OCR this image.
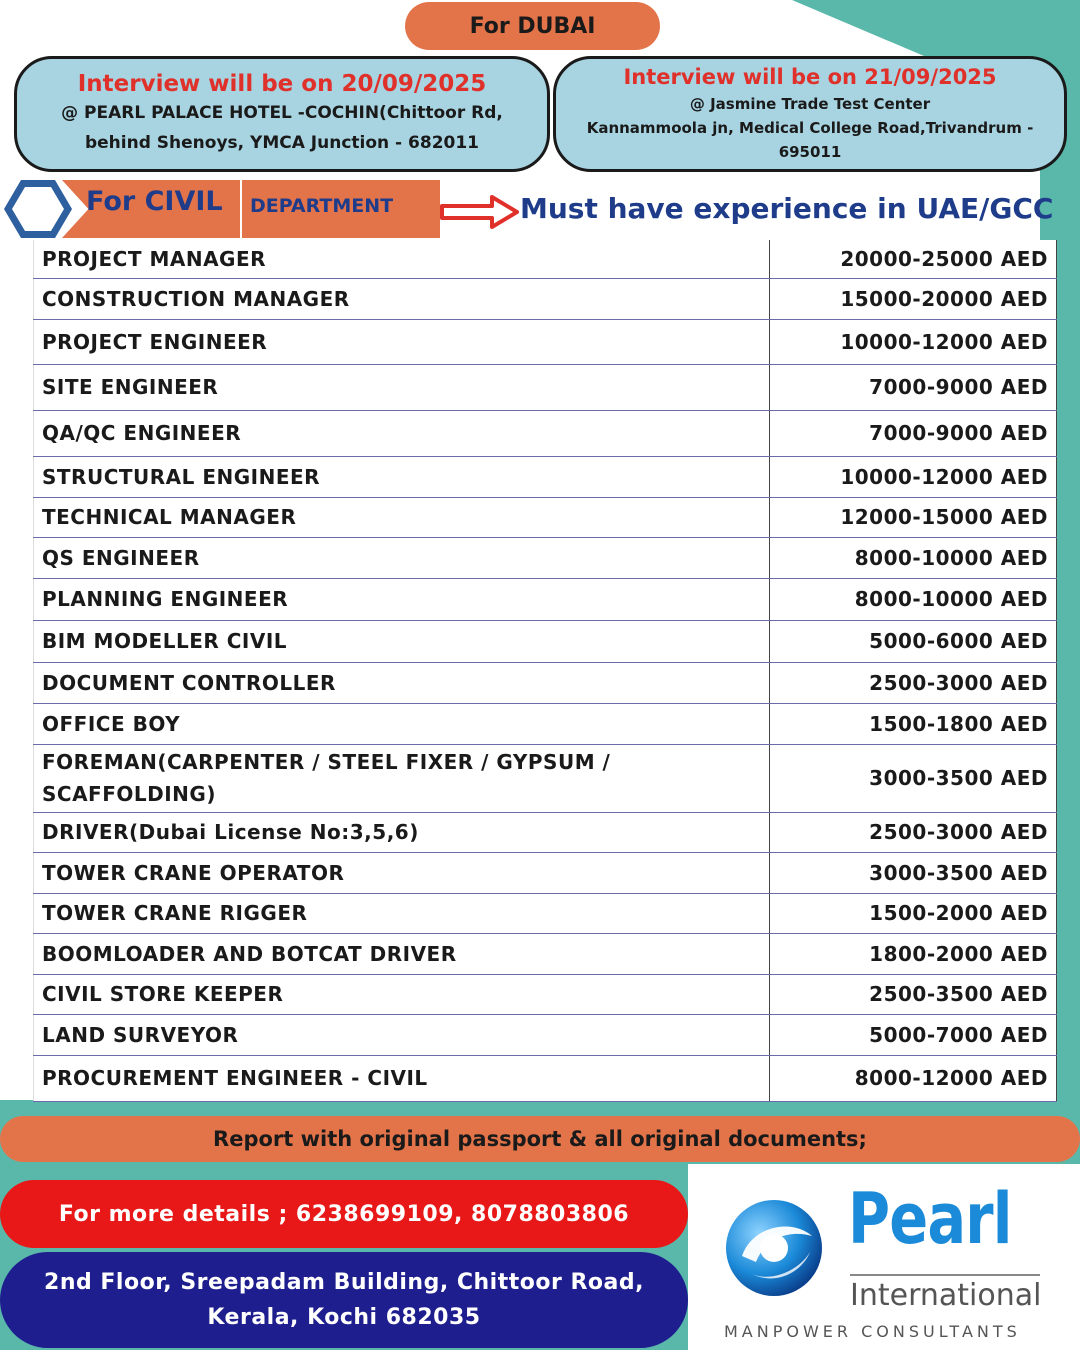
For DUBAI
Interview will be on 20/09/2025
@ PEARL PALACE HOTEL -COCHIN(Chittoor Rd,
behind Shenoys, YMCA Junction - 682011
Interview will be on 21/09/2025
@ Jasmine Trade Test Center
Kannammoola jn, Medical College Road,Trivandrum -
695011
For CIVIL DEPARTMENT	Must have experience in UAE/GCC
PROJECT MANAGER	20000-25000 AED
CONSTRUCTION MANAGER	15000-20000 AED
PROJECT ENGINEER	10000-12000 AED
SITE ENGINEER	7000-9000 AED
QA/QC ENGINEER	7000-9000 AED
STRUCTURAL ENGINEER	10000-12000 AED
TECHNICAL MANAGER	12000-15000 AED
QS ENGINEER	8000-10000 AED
PLANNING ENGINEER	8000-10000 AED
BIM MODELLER CIVIL	5000-6000 AED
DOCUMENT CONTROLLER	2500-3000 AED
OFFICE BOY	1500-1800 AED
FOREMAN(CARPENTER / STEEL FIXER / GYPSUM / SCAFFOLDING)	3000-3500 AED
DRIVER(Dubai License No:3,5,6)	2500-3000 AED
TOWER CRANE OPERATOR	3000-3500 AED
TOWER CRANE RIGGER	1500-2000 AED
BOOMLOADER AND BOTCAT DRIVER	1800-2000 AED
CIVIL STORE KEEPER	2500-3500 AED
LAND SURVEYOR	5000-7000 AED
PROCUREMENT ENGINEER - CIVIL	8000-12000 AED
Report with original passport & all original documents;
For more details ; 6238699109, 8078803806
2nd Floor, Sreepadam Building, Chittoor Road,
Kerala, Kochi 682035
Pearl
International
MANPOWER CONSULTANTS
